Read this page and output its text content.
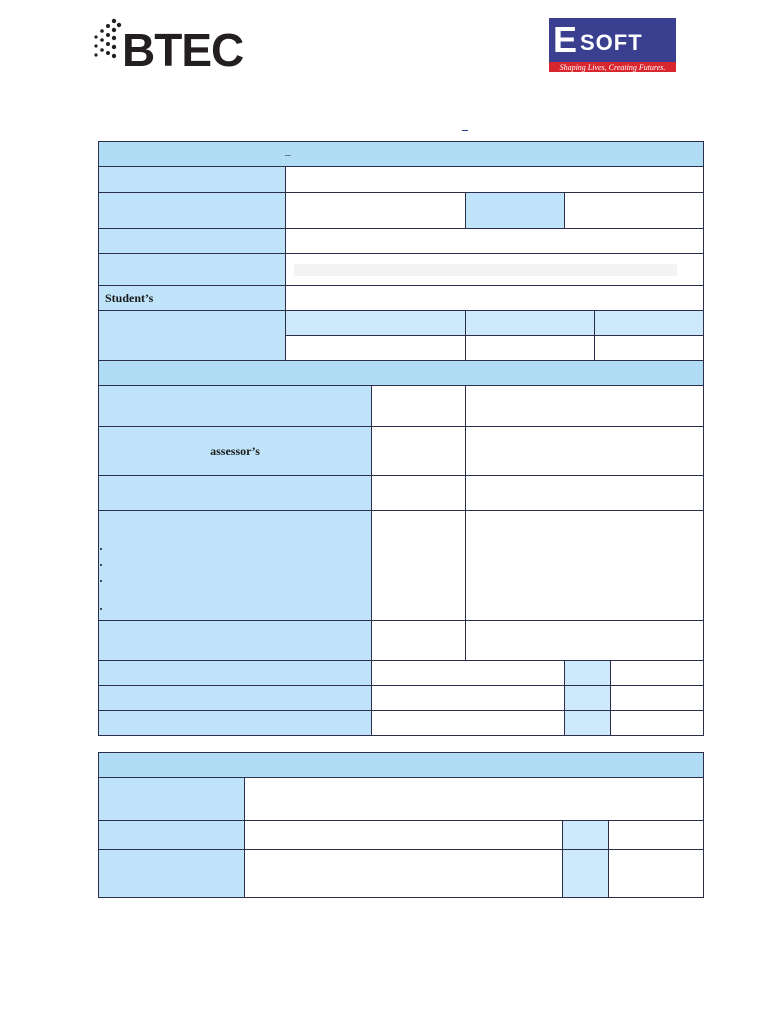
BTEC	E SOFT
Shaping Lives, Creating Futures.
_
–						

Student’s						

assessor’s						

•
•
•
•
